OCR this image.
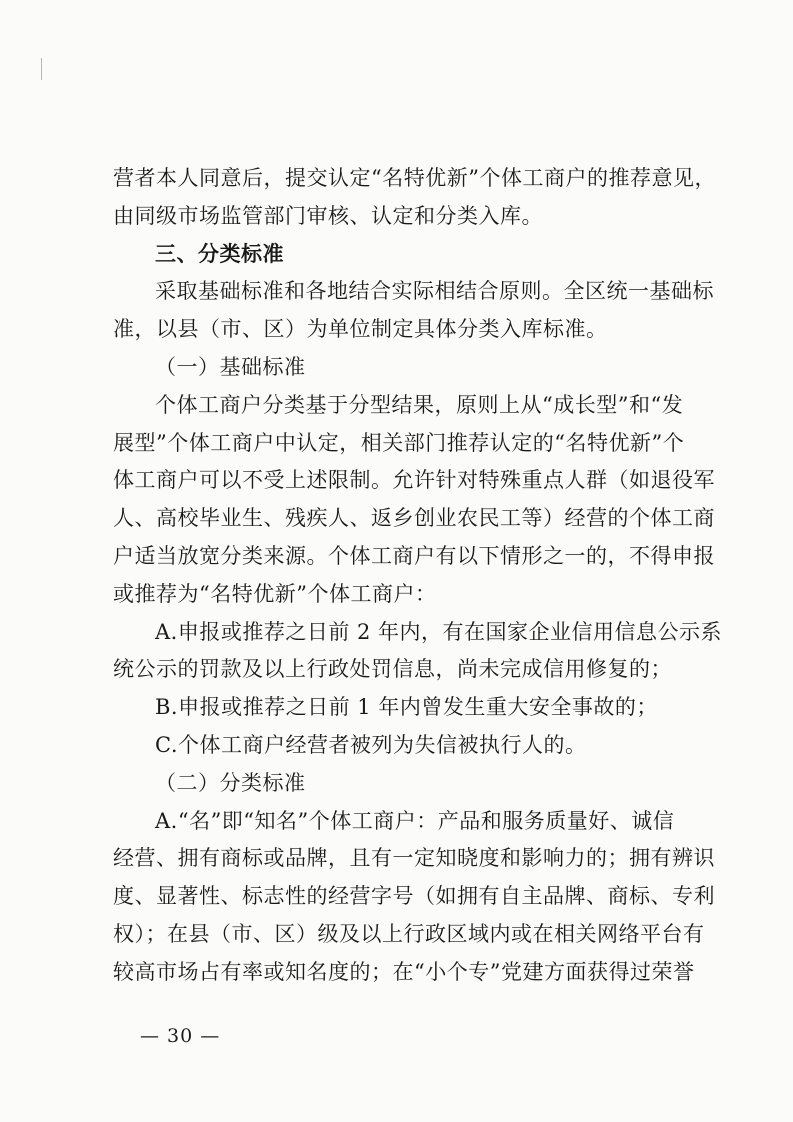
营者本人同意后，提交认定“名特优新”个体工商户的推荐意见，
由同级市场监管部门审核、认定和分类入库。
三、分类标准
采取基础标准和各地结合实际相结合原则。全区统一基础标
准，以县（市、区）为单位制定具体分类入库标准。
（一）基础标准
个体工商户分类基于分型结果，原则上从“成长型”和“发
展型”个体工商户中认定，相关部门推荐认定的“名特优新”个
体工商户可以不受上述限制。允许针对特殊重点人群（如退役军
人、高校毕业生、残疾人、返乡创业农民工等）经营的个体工商
户适当放宽分类来源。个体工商户有以下情形之一的，不得申报
或推荐为“名特优新”个体工商户：
A.申报或推荐之日前 2 年内，有在国家企业信用信息公示系
统公示的罚款及以上行政处罚信息，尚未完成信用修复的；
B.申报或推荐之日前 1 年内曾发生重大安全事故的；
C.个体工商户经营者被列为失信被执行人的。
（二）分类标准
A.“名”即“知名”个体工商户：产品和服务质量好、诚信
经营、拥有商标或品牌，且有一定知晓度和影响力的；拥有辨识
度、显著性、标志性的经营字号（如拥有自主品牌、商标、专利
权）；在县（市、区）级及以上行政区域内或在相关网络平台有
较高市场占有率或知名度的；在“小个专”党建方面获得过荣誉
— 30 —
